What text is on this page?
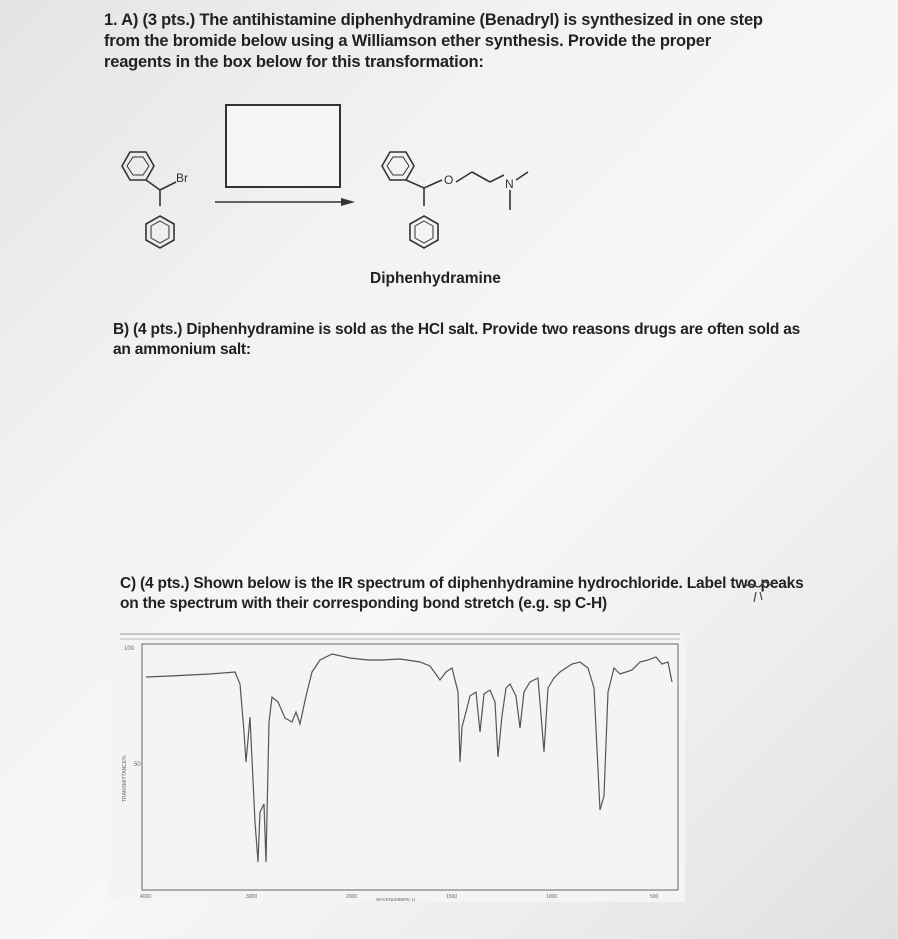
1. A) (3 pts.) The antihistamine diphenhydramine (Benadryl) is synthesized in one step
from the bromide below using a Williamson ether synthesis. Provide the proper
reagents in the box below for this transformation:
Br	O	N
Diphenhydramine
B) (4 pts.) Diphenhydramine is sold as the HCl salt. Provide two reasons drugs are often sold as
an ammonium salt:
C) (4 pts.) Shown below is the IR spectrum of diphenhydramine hydrochloride. Label two peaks
on the spectrum with their corresponding bond stretch (e.g. sp C-H)
100
50
TRANSMITTANCE%
4000	3000	2000	1500	1000	500
WAVENUMBER(-1)
